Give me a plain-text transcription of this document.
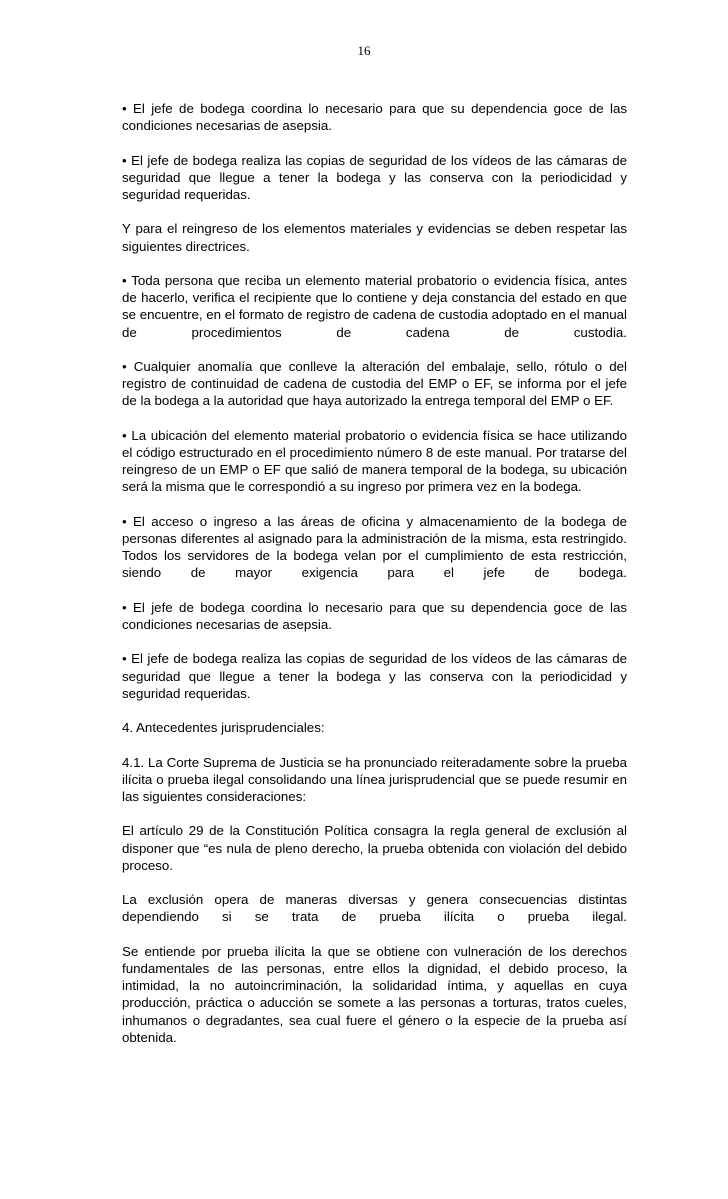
16

• El jefe de bodega coordina lo necesario para que su dependencia goce de las condiciones necesarias de asepsia.

• El jefe de bodega realiza las copias de seguridad de los vídeos de las cámaras de seguridad que llegue a tener la bodega y las conserva con la periodicidad y seguridad requeridas.

Y para el reingreso de los elementos materiales y evidencias se deben respetar las siguientes directrices.

• Toda persona que reciba un elemento material probatorio o evidencia física, antes de hacerlo, verifica el recipiente que lo contiene y deja constancia del estado en que se encuentre, en el formato de registro de cadena de custodia adoptado en el manual de procedimientos de cadena de custodia.

• Cualquier anomalía que conlleve la alteración del embalaje, sello, rótulo o del registro de continuidad de cadena de custodia del EMP o EF, se informa por el jefe de la bodega a la autoridad que haya autorizado la entrega temporal del EMP o EF.

• La ubicación del elemento material probatorio o evidencia física se hace utilizando el código estructurado en el procedimiento número 8 de este manual. Por tratarse del reingreso de un EMP o EF que salió de manera temporal de la bodega, su ubicación será la misma que le correspondió a su ingreso por primera vez en la bodega.

• El acceso o ingreso a las áreas de oficina y almacenamiento de la bodega de personas diferentes al asignado para la administración de la misma, esta restringido. Todos los servidores de la bodega velan por el cumplimiento de esta restricción, siendo de mayor exigencia para el jefe de bodega.

• El jefe de bodega coordina lo necesario para que su dependencia goce de las condiciones necesarias de asepsia.

• El jefe de bodega realiza las copias de seguridad de los vídeos de las cámaras de seguridad que llegue a tener la bodega y las conserva con la periodicidad y seguridad requeridas.

4. Antecedentes jurisprudenciales:

4.1. La Corte Suprema de Justicia se ha pronunciado reiteradamente sobre la prueba ilícita o prueba ilegal consolidando una línea jurisprudencial que se puede resumir en las siguientes consideraciones:

El artículo 29 de la Constitución Política consagra la regla general de exclusión al disponer que “es nula de pleno derecho, la prueba obtenida con violación del debido proceso.

La exclusión opera de maneras diversas y genera consecuencias distintas dependiendo si se trata de prueba ilícita o prueba ilegal.

Se entiende por prueba ilícita la que se obtiene con vulneración de los derechos fundamentales de las personas, entre ellos la dignidad, el debido proceso, la intimidad, la no autoincriminación, la solidaridad íntima, y aquellas en cuya producción, práctica o aducción se somete a las personas a torturas, tratos cueles, inhumanos o degradantes, sea cual fuere el género o la especie de la prueba así obtenida.
